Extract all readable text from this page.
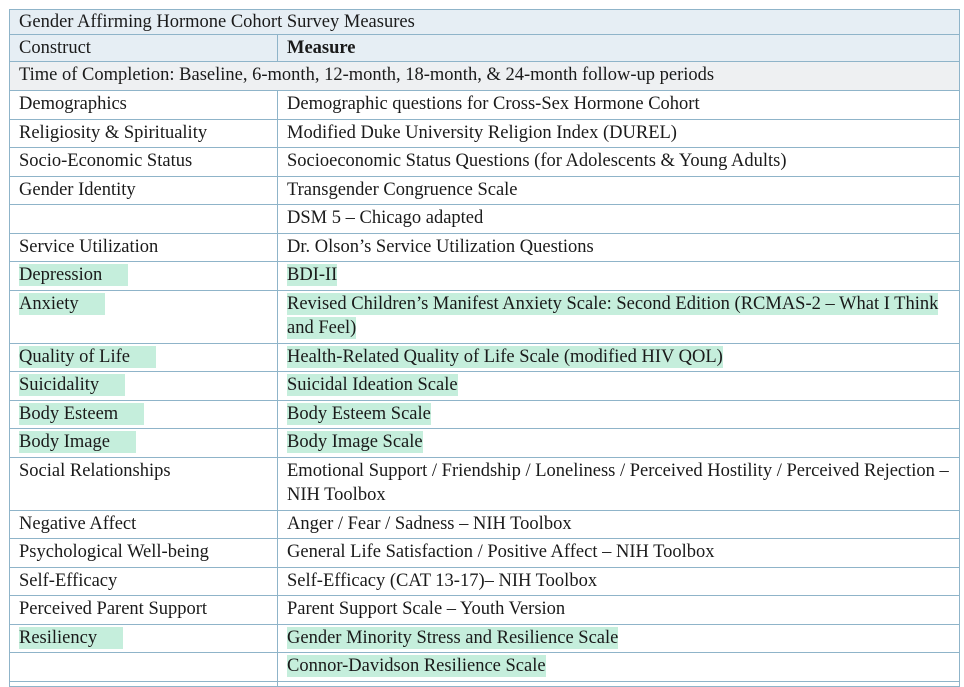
Gender Affirming Hormone Cohort Survey Measures	
Construct	Measure
Time of Completion: Baseline, 6-month, 12-month, 18-month, & 24-month follow-up periods	
Demographics	Demographic questions for Cross-Sex Hormone Cohort
Religiosity & Spirituality	Modified Duke University Religion Index (DUREL)
Socio-Economic Status	Socioeconomic Status Questions (for Adolescents & Young Adults)
Gender Identity	Transgender Congruence Scale
	DSM 5 – Chicago adapted
Service Utilization	Dr. Olson’s Service Utilization Questions
Depression	BDI-II
Anxiety	Revised Children’s Manifest Anxiety Scale: Second Edition (RCMAS-2 – What I Think and Feel)
Quality of Life	Health-Related Quality of Life Scale (modified HIV QOL)
Suicidality	Suicidal Ideation Scale
Body Esteem	Body Esteem Scale
Body Image	Body Image Scale
Social Relationships	Emotional Support / Friendship / Loneliness / Perceived Hostility / Perceived Rejection – NIH Toolbox
Negative Affect	Anger / Fear / Sadness – NIH Toolbox
Psychological Well-being	General Life Satisfaction / Positive Affect – NIH Toolbox
Self-Efficacy	Self-Efficacy (CAT 13-17)– NIH Toolbox
Perceived Parent Support	Parent Support Scale – Youth Version
Resiliency	Gender Minority Stress and Resilience Scale
	Connor-Davidson Resilience Scale
